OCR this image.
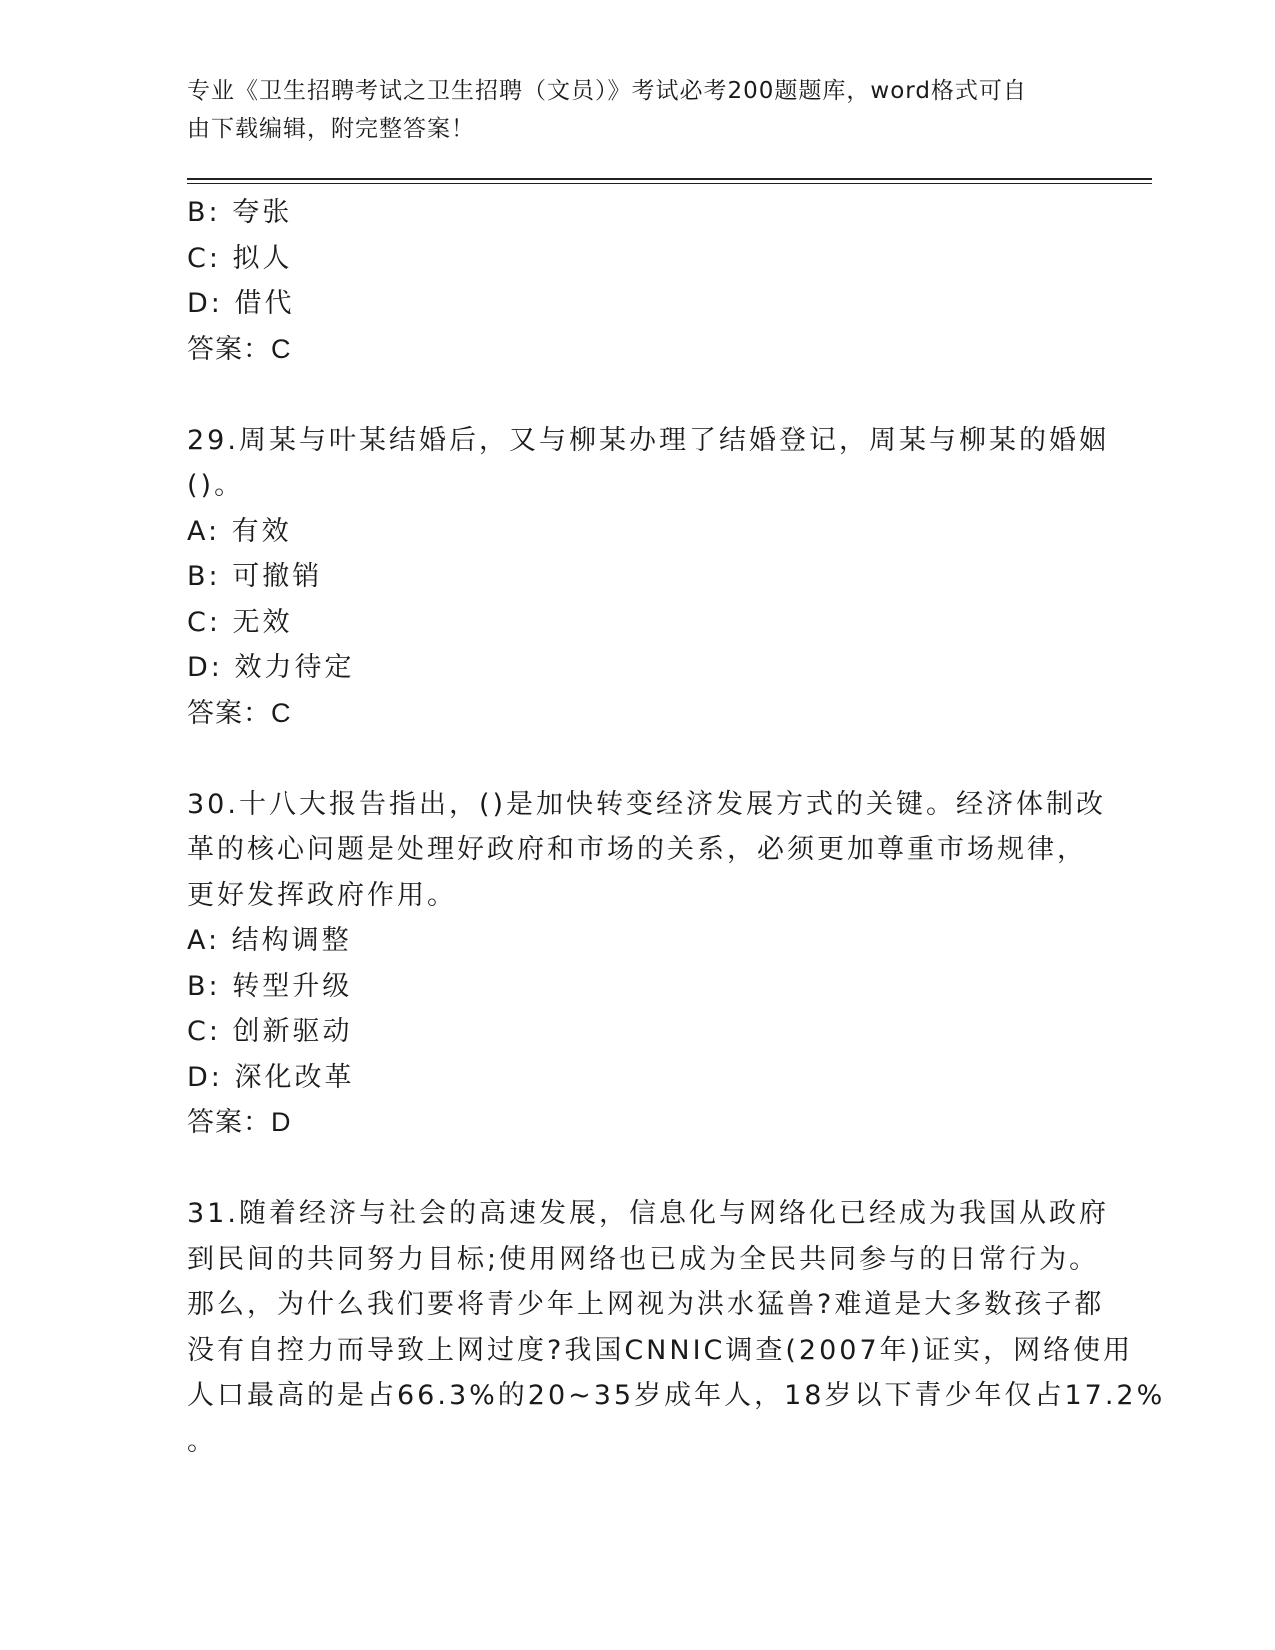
专业《卫生招聘考试之卫生招聘（文员）》考试必考200题题库，word格式可自
由下载编辑，附完整答案！
B: 夸张
C: 拟人
D: 借代
答案：C
29.周某与叶某结婚后，又与柳某办理了结婚登记，周某与柳某的婚姻
()。
A: 有效
B: 可撤销
C: 无效
D: 效力待定
答案：C
30.十八大报告指出，()是加快转变经济发展方式的关键。经济体制改
革的核心问题是处理好政府和市场的关系，必须更加尊重市场规律，
更好发挥政府作用。
A: 结构调整
B: 转型升级
C: 创新驱动
D: 深化改革
答案：D
31.随着经济与社会的高速发展，信息化与网络化已经成为我国从政府
到民间的共同努力目标;使用网络也已成为全民共同参与的日常行为。
那么，为什么我们要将青少年上网视为洪水猛兽?难道是大多数孩子都
没有自控力而导致上网过度?我国CNNIC调查(2007年)证实，网络使用
人口最高的是占66.3%的20~35岁成年人，18岁以下青少年仅占17.2%
。
